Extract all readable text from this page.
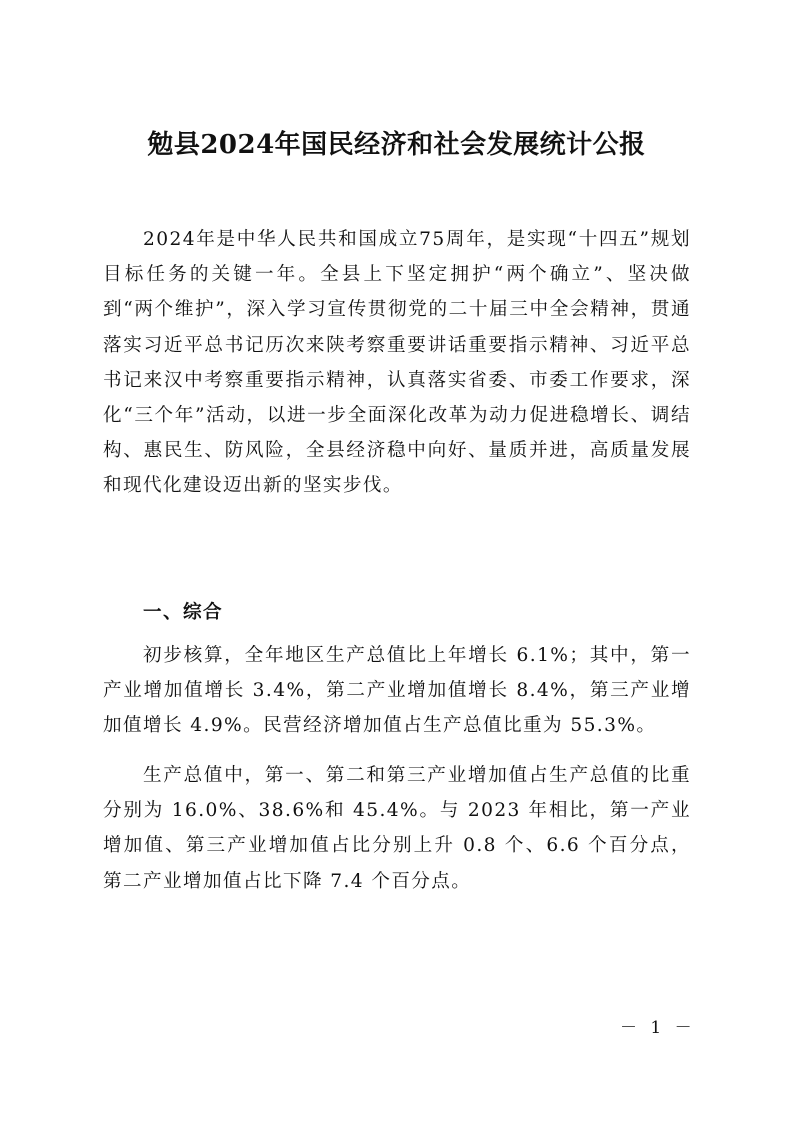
勉县2024年国民经济和社会发展统计公报

2024年是中华人民共和国成立75周年，是实现“十四五”规划目标任务的关键一年。全县上下坚定拥护“两个确立”、坚决做到“两个维护”，深入学习宣传贯彻党的二十届三中全会精神，贯通落实习近平总书记历次来陕考察重要讲话重要指示精神、习近平总书记来汉中考察重要指示精神，认真落实省委、市委工作要求，深化“三个年”活动，以进一步全面深化改革为动力促进稳增长、调结构、惠民生、防风险，全县经济稳中向好、量质并进，高质量发展和现代化建设迈出新的坚实步伐。

一、综合

初步核算，全年地区生产总值比上年增长 6.1%；其中，第一产业增加值增长 3.4%，第二产业增加值增长 8.4%，第三产业增加值增长 4.9%。民营经济增加值占生产总值比重为 55.3%。

生产总值中，第一、第二和第三产业增加值占生产总值的比重分别为 16.0%、38.6%和 45.4%。与 2023 年相比，第一产业增加值、第三产业增加值占比分别上升 0.8 个、6.6 个百分点，第二产业增加值占比下降 7.4 个百分点。

－ 1 －
